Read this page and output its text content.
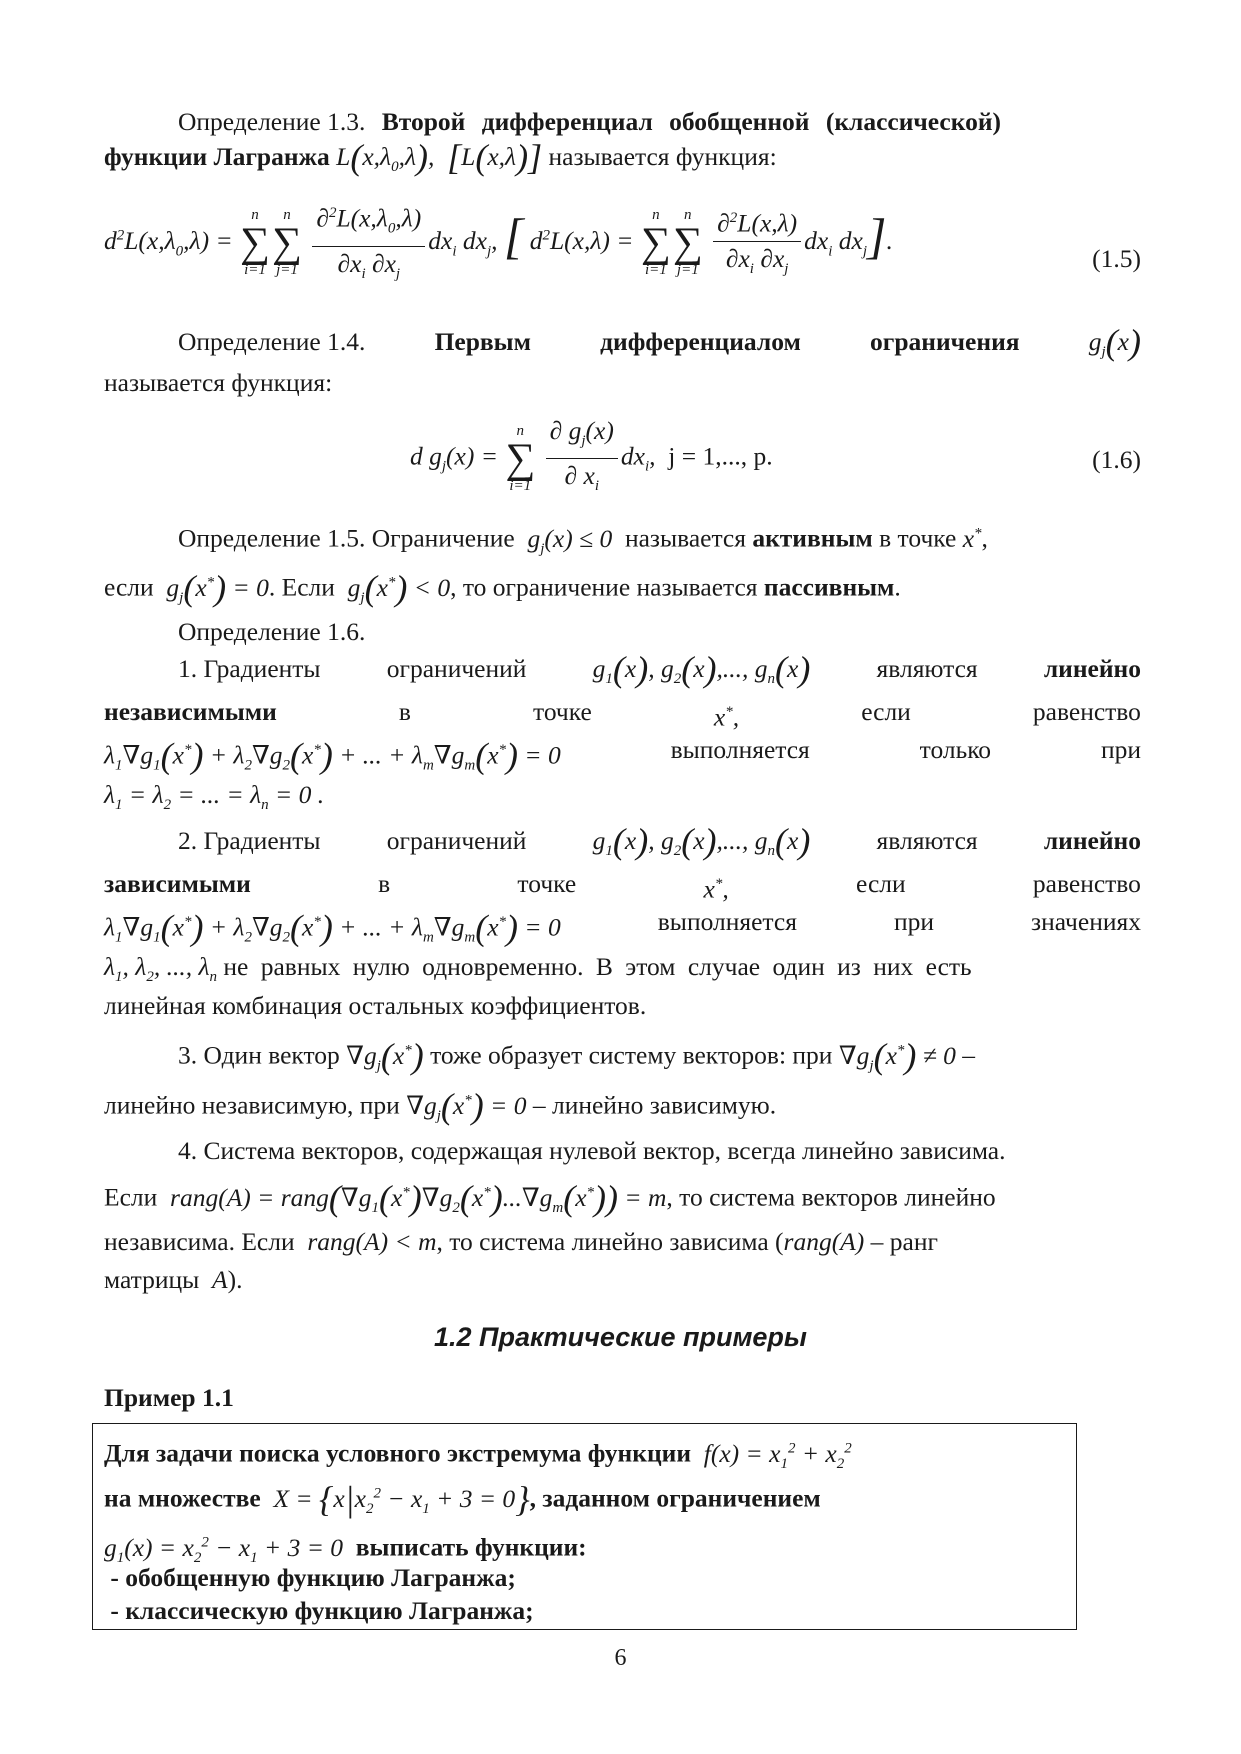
Определение 1.3. Второй дифференциал обобщенной (классической)
функции Лагранжа $L(x,\lambda_0,\lambda)$,  [L(x,λ)] называется функция:
$d^2L(x,\lambda_0,\lambda)$ =
n
∑
i=1
n
∑
j=1
$\frac{\partial^2L(x,\lambda_0,\lambda)}{\partial x_i \partial x_j} dx_i$ $dx_j$, [ $d^2L(x,\lambda)$ =
n
∑
i=1
n
∑
j=1
$\frac{\partial^2L(x,\lambda)}{\partial x_i \partial x_j} dx_i$ $dx_j$].
(1.5)
Определение 1.4.	Первым	дифференциалом	ограничения	$g_j(x)$
называется функция:
d $g_j(x)$ =
n
∑
i=1
$\frac{\partial g_j(x)}{\partial x_i} dx_i$,  j = 1,..., p.	(1.6)
Определение 1.5. Ограничение  $g_j(x) \le 0$  называется активным в точке x*,
если  $g_j(x^*) = 0$. Если  $g_j(x^*) < 0$, то ограничение называется пассивным.
Определение 1.6.
1. Градиенты	ограничений	$g_1(x)$, $g_2(x)$,..., $g_n(x)$	являются	линейно
независимыми	в	точке	x*,	если	равенство
$\lambda_1\nabla g_1(x^*) + \lambda_2\nabla g_2(x^*)$ + ... + $\lambda_m\nabla g_m(x^*) = 0$	выполняется	только	при
$\lambda_1 = \lambda_2$ = ... = $\lambda_n = 0$ .
2. Градиенты	ограничений	$g_1(x)$, $g_2(x)$,..., $g_n(x)$	являются	линейно
зависимыми	в	точке	x*,	если	равенство
$\lambda_1\nabla g_1(x^*) + \lambda_2\nabla g_2(x^*)$ + ... + $\lambda_m\nabla g_m(x^*) = 0$	выполняется	при	значениях
$\lambda_1$, $\lambda_2$, ..., $\lambda_n$ не равных нулю одновременно. В этом случае один из них есть
линейная комбинация остальных коэффициентов.
3. Один вектор $\nabla g_j(x^*)$ тоже образует систему векторов: при $\nabla g_j(x^*) \ne 0$ –
линейно независимую, при $\nabla g_j(x^*) = 0$ – линейно зависимую.
4. Система векторов, содержащая нулевой вектор, всегда линейно зависима.
Если  rang(A) = $rang(\nabla g_1(x^*)\nabla g_2(x^*)...\nabla g_m(x^*)) = m$, то система векторов линейно
независима. Если  rang(A) < m, то система линейно зависима (rang(A) – ранг
матрицы  A).
1.2 Практические примеры
Пример 1.1
Для задачи поиска условного экстремума функции  $f(x) = x_1^2 + x_2^2$
на множестве  $X = \{x|x_2^2 - x_1 + 3 = 0\}$, заданном ограничением
$g_1(x) = x_2^2 - x_1 + 3 = 0$  выписать функции:
- обобщенную функцию Лагранжа;
- классическую функцию Лагранжа;
6
